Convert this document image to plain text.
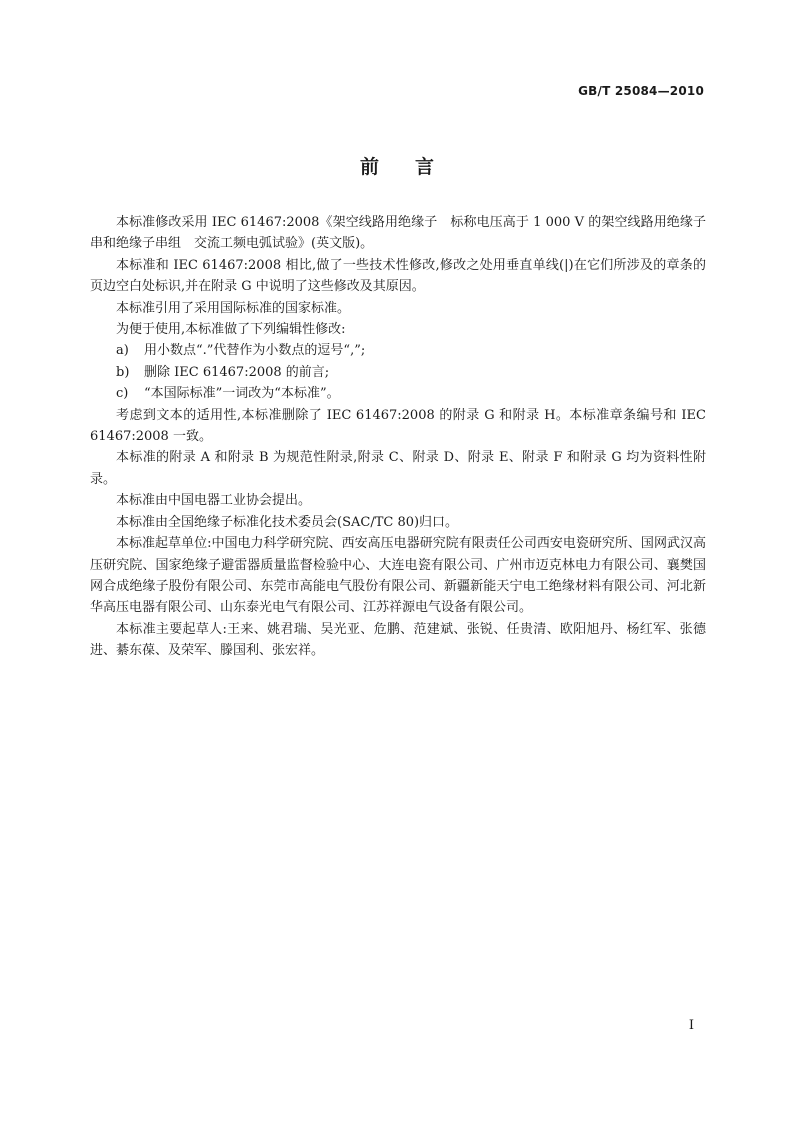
GB/T 25084—2010
前言

本标准修改采用 IEC 61467:2008《架空线路用绝缘子　标称电压高于 1 000 V 的架空线路用绝缘子串和绝缘子串组　交流工频电弧试验》(英文版)。

本标准和 IEC 61467:2008 相比,做了一些技术性修改,修改之处用垂直单线(|)在它们所涉及的章条的页边空白处标识,并在附录 G 中说明了这些修改及其原因。

本标准引用了采用国际标准的国家标准。

为便于使用,本标准做了下列编辑性修改:

a) 用小数点“.”代替作为小数点的逗号“,”;

b) 删除 IEC 61467:2008 的前言;

c) “本国际标准”一词改为“本标准”。

考虑到文本的适用性,本标准删除了 IEC 61467:2008 的附录 G 和附录 H。本标准章条编号和 IEC 61467:2008 一致。

本标准的附录 A 和附录 B 为规范性附录,附录 C、附录 D、附录 E、附录 F 和附录 G 均为资料性附录。

本标准由中国电器工业协会提出。

本标准由全国绝缘子标准化技术委员会(SAC/TC 80)归口。

本标准起草单位:中国电力科学研究院、西安高压电器研究院有限责任公司西安电瓷研究所、国网武汉高压研究院、国家绝缘子避雷器质量监督检验中心、大连电瓷有限公司、广州市迈克林电力有限公司、襄樊国网合成绝缘子股份有限公司、东莞市高能电气股份有限公司、新疆新能天宁电工绝缘材料有限公司、河北新华高压电器有限公司、山东泰光电气有限公司、江苏祥源电气设备有限公司。

本标准主要起草人:王来、姚君瑞、吴光亚、危鹏、范建斌、张锐、任贵清、欧阳旭丹、杨红军、张德进、綦东葆、及荣军、滕国利、张宏祥。

I
